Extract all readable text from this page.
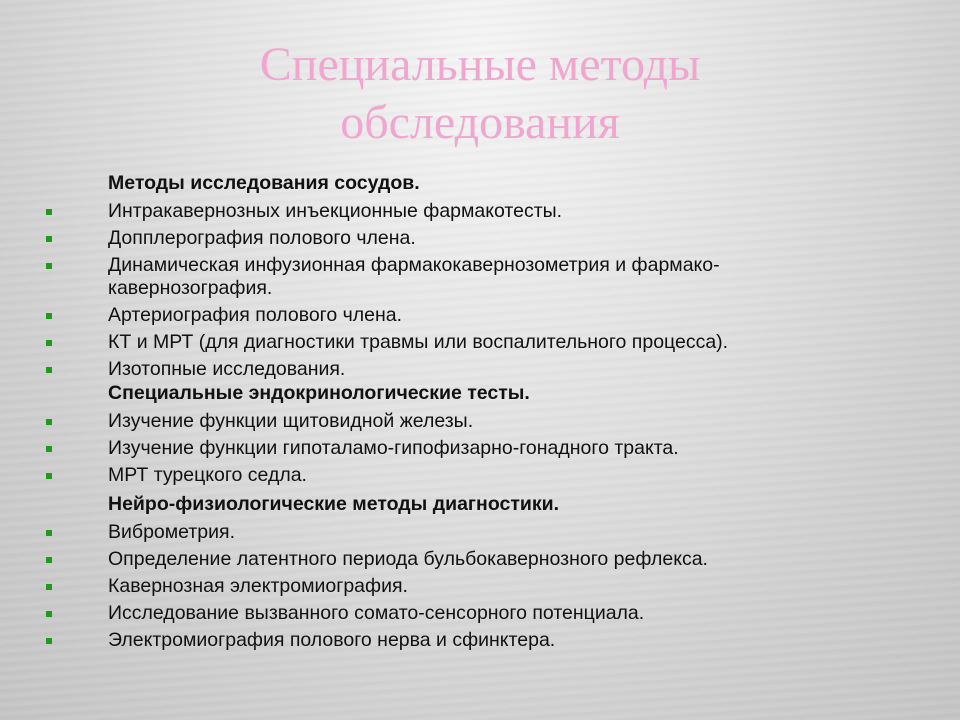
Специальные методы
обследования
Методы исследования сосудов.
Интракавернозных инъекционные фармакотесты.
Допплерография полового члена.
Динамическая инфузионная фармакокавернозометрия и фармако-
кавернозография.
Артериография полового члена.
КТ и МРТ (для диагностики травмы или воспалительного процесса).
Изотопные исследования.
Специальные эндокринологические тесты.
Изучение функции щитовидной железы.
Изучение функции гипоталамо-гипофизарно-гонадного тракта.
МРТ турецкого седла.
Нейро-физиологические методы диагностики.
Виброметрия.
Определение латентного периода бульбокавернозного рефлекса.
Кавернозная электромиография.
Исследование вызванного сомато-сенсорного потенциала.
Электромиография полового нерва и сфинктера.
